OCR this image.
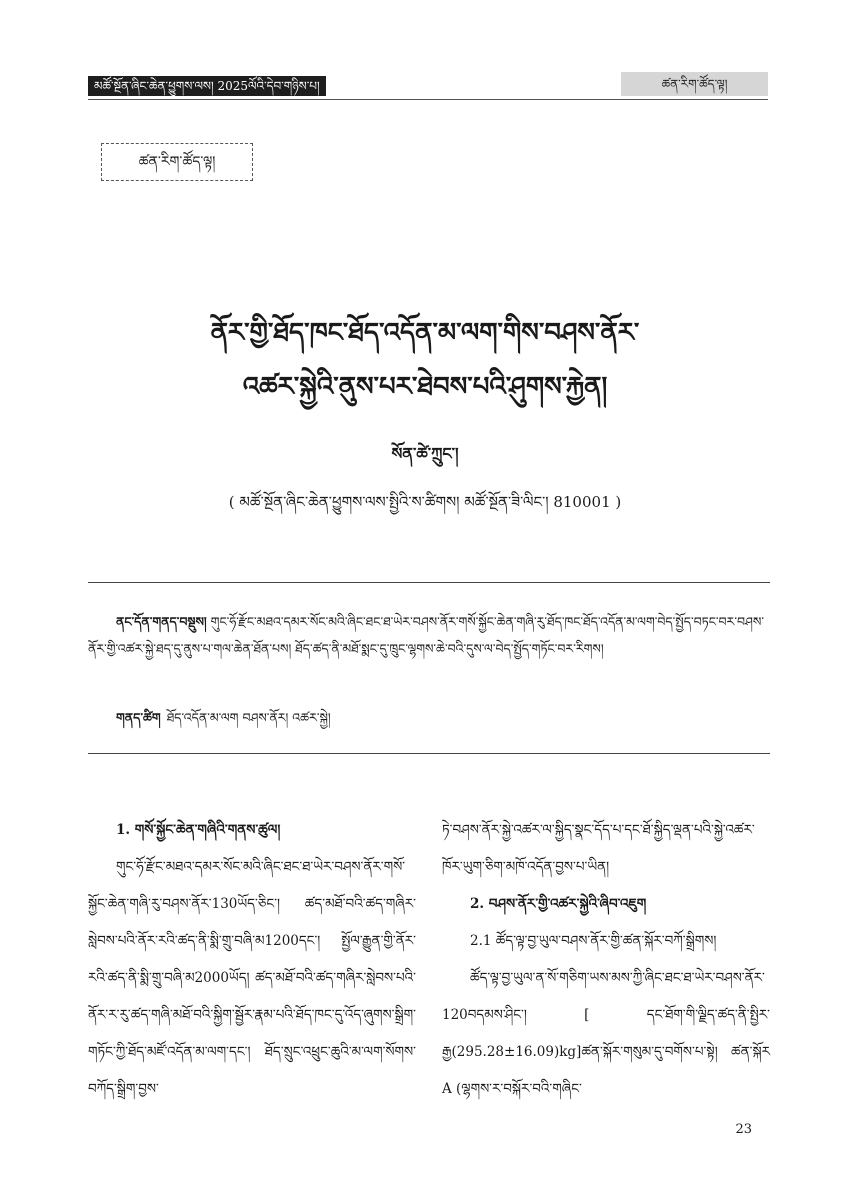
མཚོ་སྔོན་ཞིང་ཆེན་ཕྱུགས་ལས། 2025ལོའི་དེབ་གཉིས་པ།	ཚན་རིག་ཚོད་ལྟ།
ཚན་རིག་ཚོད་ལྟ།
ནོར་གྱི་ཐོད་ཁང་ཐོད་འདོན་མ་ལག་གིས་བཤས་ནོར་
འཚར་སྐྱེའི་ནུས་པར་ཐེབས་པའི་ཤུགས་རྐྱེན།
སོན་ཚེ་ཀྲུང་།
( མཚོ་སྔོན་ཞིང་ཆེན་ཕྱུགས་ལས་སྤྱིའི་ས་ཚིགས། མཚོ་སྔོན་ཟི་ལིང་། 810001 )
ནང་དོན་གནད་བསྡུས། གུང་ཧོ་རྫོང་མཐའ་དམར་སོང་མའི་ཞིང་ཐང་ཐ་ཡེར་བཤས་ནོར་གསོ་སྐྱོང་ཆེན་གཞི་རུ་ཐོད་ཁང་ཐོད་འདོན་མ་ལག་བེད་སྤྱོད་བཏང་བར་བཤས་ནོར་གྱི་འཚར་སྐྱེ་ཐད་དུ་ནུས་པ་གལ་ཆེན་ཐོན་པས། ཐོད་ཚད་ནི་མཐོ་སྨང་དུ་ཁྲུང་ལྷགས་ཆེ་བའི་དུས་ལ་བེད་སྤྱོད་གཏོང་བར་རིགས།
གནད་ཚིག ཐོད་འདོན་མ་ལག བཤས་ནོར། འཚར་སྐྱེ།
1. གསོ་སྐྱོང་ཆེན་གཞིའི་གནས་ཚུལ།

གུང་ཧོ་རྫོང་མཐའ་དམར་སོང་མའི་ཞིང་ཐང་ཐ་ཡེར་བཤས་ནོར་གསོ་སྐྱོང་ཆེན་གཞི་རུ་བཤས་ནོར་130ཡོད་ཅིང་། ཚད་མཐོ་བའི་ཚད་གཞིར་སླེབས་པའི་ནོར་རའི་ཚད་ནི་སྨི་གྲུ་བཞི་མ1200དང་། སྤྱོལ་རྒྱུན་གྱི་ནོར་རའི་ཚད་ནི་སྨི་གྲུ་བཞི་མ2000ཡོད། ཚད་མཐོ་བའི་ཚད་གཞིར་སླེབས་པའི་ནོར་ར་རུ་ཚད་གཞི་མཐོ་བའི་སྐྱིག་སྦྱོར་རྣམ་པའི་ཐོད་ཁང་དུ་འོད་ཞུགས་སྒྲིག་གཏོང་ཀྱི་ཐོད་མཛོ་འདོན་མ་ལག་དང་། ཐོད་སྲུང་འཕྲུང་ཆུའི་མ་ལག་སོགས་བཀོད་སྒྲིག་བྱས་

ཏེ་བཤས་ནོར་སྐྱེ་འཚར་ལ་སྐྱིད་སྣང་དོད་པ་དང་ཐོ་སྐྱིད་ལྡན་པའི་སྐྱེ་འཚར་ཁོར་ཡུག་ཅིག་མཁོ་འདོན་བྱས་པ་ཡིན།

2. བཤས་ནོར་གྱི་འཚར་སྐྱེའི་ཞིབ་འཇུག

2.1 ཚོད་ལྟ་བྱ་ཡུལ་བཤས་ནོར་གྱི་ཚན་སྐོར་བཀོ་སྒྲིགས།

ཚོད་ལྟ་བྱ་ཡུལ་ན་སོ་གཅིག་ཡས་མས་ཀྱི་ཞིང་ཐང་ཐ་ཡེར་བཤས་ནོར་120བདམས་ཤིང་། [ དང་ཐོག་གི་ལྗིད་ཚད་ནི་སྤྱིར་རྒྱ(295.28±16.09)kg]ཚན་སྐོར་གསུམ་དུ་བགོས་པ་སྟེ། ཚན་སྐོར A (ལྷགས་ར་བསྐོར་བའི་གཞིང་

23
